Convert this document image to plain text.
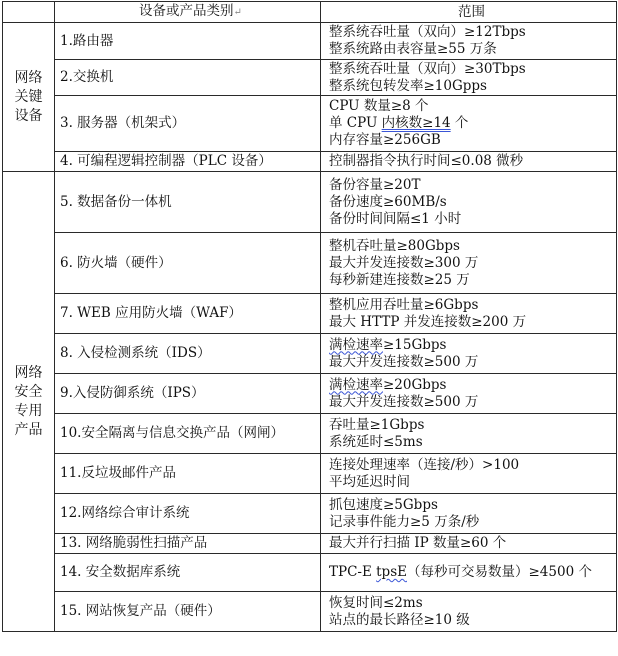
	设备或产品类别↵	范围
网络关键设备	1.路由器	整系统吞吐量（双向）≥12Tbps
整系统路由表容量≥55 万条

	2.交换机	整系统吞吐量（双向）≥30Tbps
整系统包转发率≥10Gpps

	3. 服务器（机架式）	CPU 数量≥8 个
单 CPU 内核数≥14 个
内存容量≥256GB

	4. 可编程逻辑控制器（PLC 设备）	控制器指令执行时间≤0.08 微秒

网络安全专用产品	5. 数据备份一体机	备份容量≥20T
备份速度≥60MB/s
备份时间间隔≤1 小时

	6. 防火墙（硬件）	整机吞吐量≥80Gbps
最大并发连接数≥300 万
每秒新建连接数≥25 万

	7. WEB 应用防火墙（WAF）	整机应用吞吐量≥6Gbps
最大 HTTP 并发连接数≥200 万

	8. 入侵检测系统（IDS）	满检速率≥15Gbps
最大并发连接数≥500 万

	9.入侵防御系统（IPS）	满检速率≥20Gbps
最大并发连接数≥500 万

	10.安全隔离与信息交换产品（网闸）	吞吐量≥1Gbps
系统延时≤5ms

	11.反垃圾邮件产品	连接处理速率（连接/秒）>100
平均延迟时间

	12.网络综合审计系统	抓包速度≥5Gbps
记录事件能力≥5 万条/秒

	13. 网络脆弱性扫描产品	最大并行扫描 IP 数量≥60 个

	14. 安全数据库系统	TPC-E tpsE（每秒可交易数量）≥4500 个

	15. 网站恢复产品（硬件）	恢复时间≤2ms
站点的最长路径≥10 级
